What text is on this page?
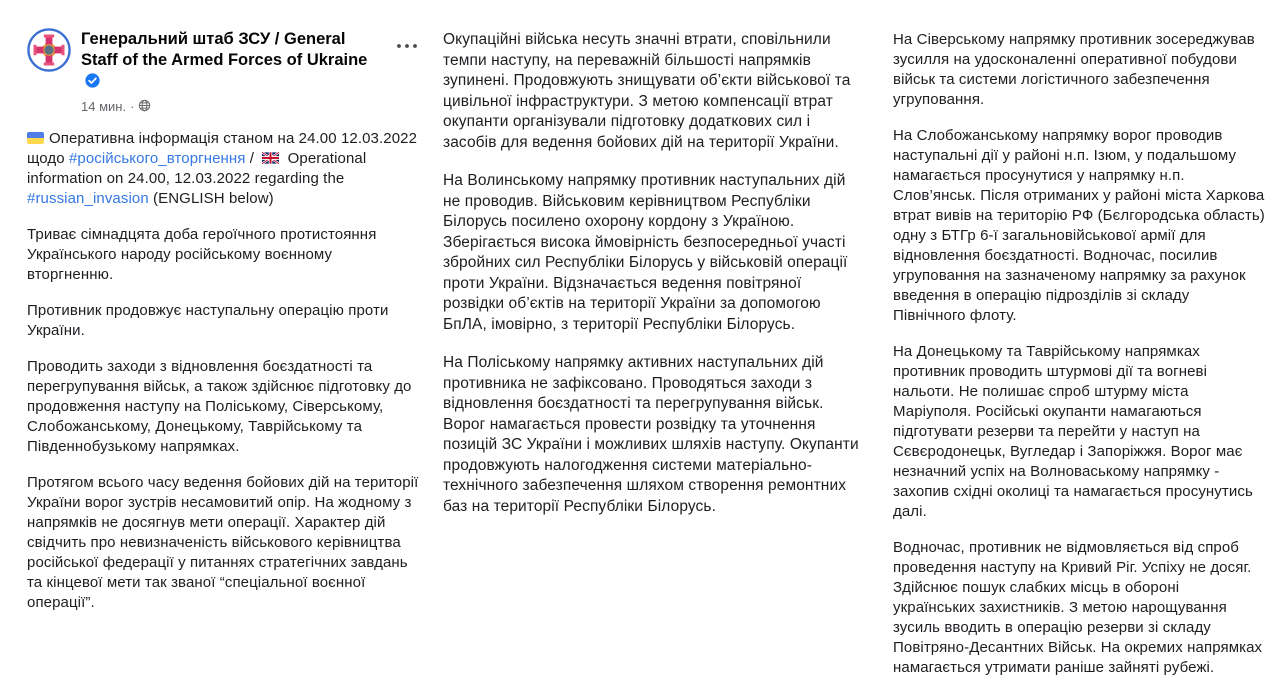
Генеральний штаб ЗСУ / General Staff of the Armed Forces of Ukraine
14 мин. ·

Оперативна інформація станом на 24.00 12.03.2022 щодо #російського_вторгнення /  Operational information on 24.00, 12.03.2022 regarding the #russian_invasion (ENGLISH below)

Триває сімнадцята доба героїчного протистояння Українського народу російському воєнному вторгненню.

Противник продовжує наступальну операцію проти України.

Проводить заходи з відновлення боєздатності та перегрупування військ, а також здійснює підготовку до продовження наступу на Поліському, Сіверському, Слобожанському, Донецькому, Таврійському та Південнобузькому напрямках.

Протягом всього часу ведення бойових дій на території України ворог зустрів несамовитий опір. На жодному з напрямків не досягнув мети операції. Характер дій свідчить про невизначеність військового керівництва російської федерації у питаннях стратегічних завдань та кінцевої мети так званої “спеціальної воєнної операції”.

Окупаційні війська несуть значні втрати, сповільнили темпи наступу, на переважній більшості напрямків зупинені. Продовжують знищувати об’єкти військової та цивільної інфраструктури. З метою компенсації втрат окупанти організували підготовку додаткових сил і засобів для ведення бойових дій на території України.

На Волинському напрямку противник наступальних дій не проводив. Військовим керівництвом Республіки Білорусь посилено охорону кордону з Україною. Зберігається висока ймовірність безпосередньої участі збройних сил Республіки Білорусь у військовій операції проти України. Відзначається ведення повітряної розвідки об’єктів на території України за допомогою БпЛА, імовірно, з території Республіки Білорусь.

На Поліському напрямку активних наступальних дій противника не зафіксовано. Проводяться заходи з відновлення боєздатності та перегрупування військ. Ворог намагається провести розвідку та уточнення позицій ЗС України і можливих шляхів наступу. Окупанти продовжують налогодження системи матеріально-технічного забезпечення шляхом створення ремонтних баз на території Республіки Білорусь.

На Сіверському напрямку противник зосереджував зусилля на удосконаленні оперативної побудови військ та системи логістичного забезпечення угруповання.

На Слобожанському напрямку ворог проводив наступальні дії у районі н.п. Ізюм, у подальшому намагається просунутися у напрямку н.п. Слов’янськ. Після отриманих у районі міста Харкова втрат вивів на територію РФ (Бєлгородська область) одну з БТГр 6-ї загальновійськової армії для відновлення боєздатності. Водночас, посилив угруповання на зазначеному напрямку за рахунок введення в операцію підрозділів зі складу Північного флоту.

На Донецькому та Таврійському напрямках противник проводить штурмові дії та вогневі нальоти. Не полишає спроб штурму міста Маріуполя. Російські окупанти намагаються підготувати резерви та перейти у наступ на Сєвєродонецьк, Вугледар і Запоріжжя. Ворог має незначний успіх на Волноваському напрямку - захопив східні околиці та намагається просунутись далі.

Водночас, противник не відмовляється від спроб проведення наступу на Кривий Ріг. Успіху не досяг. Здійснює пошук слабких місць в обороні українських захистників. З метою нарощування зусиль вводить в операцію резерви зі складу Повітряно-Десантних Військ. На окремих напрямках намагається утримати раніше зайняті рубежі.
